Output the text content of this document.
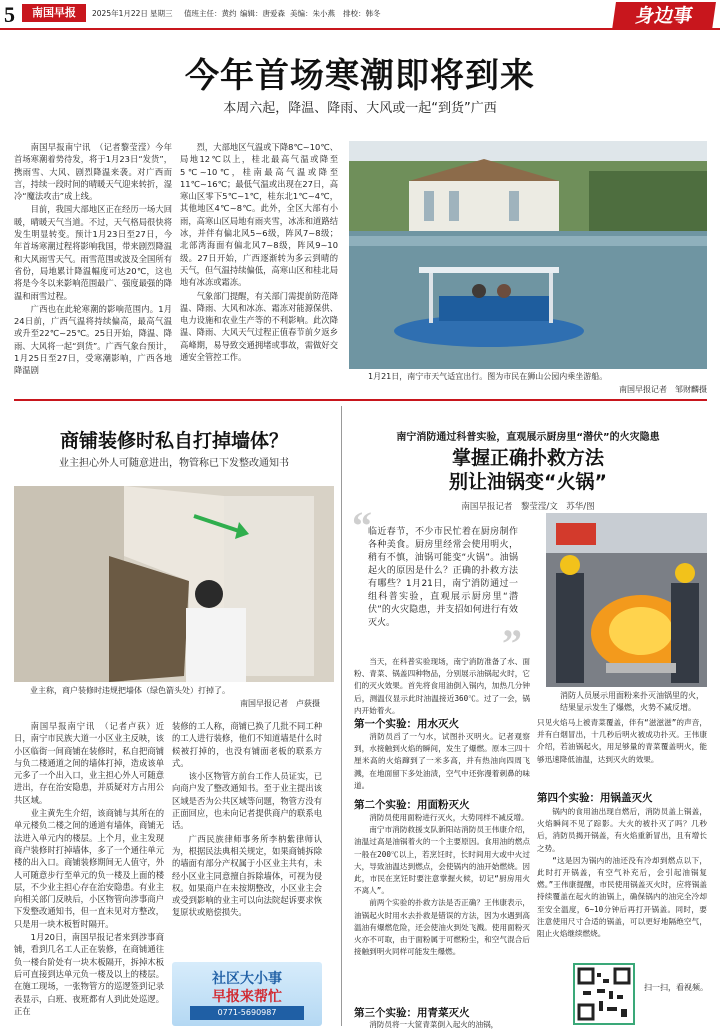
5	南国早报	2025年1月22日 星期三 值班主任：黄约 编辑：唐爱森 美编：朱小燕 排校：韩冬	身边事
今年首场寒潮即将到来
本周六起，降温、降雨、大风或一起“到货”广西

南国早报南宁讯　（记者黎莹滢）今年首场寒潮着势待发，将于1月23日“发货”，携雨雪、大风、剧烈降温来袭。对广西而言，持续一段时间的晴暖天气迎来转折，湿冷“魔法攻击”成上线。

目前，我国大部地区正在经历一场大回暖，晴暖天气当道。不过，天气格局很快将发生明显转变。预计1月23日至27日，今年首场寒潮过程将影响我国，带来剧烈降温和大风雨雪天气。雨雪范围或波及全国所有省份，局地累计降温幅度可达20℃，这也将是今冬以来影响范围最广、强度最强的降温和雨雪过程。

广西也在此轮寒潮的影响范围内。1月24日前，广西气温将持续偏高，最高气温或升至22℃~25℃。25日开始，降温、降雨、大风将一起“到货”。广西气象台预计，1月25日至27日，受寒潮影响，广西各地降温剧

烈，大部地区气温或下降8℃~10℃、局地12℃以上，桂北最高气温或降至5℃~10℃，桂南最高气温或降至11℃~16℃；最低气温或出现在27日，高寒山区零下5℃~1℃，桂东北1℃~4℃，其他地区4℃~8℃。此外，全区大部有小雨，高寒山区局地有雨夹雪，冰冻和道路结冰，并伴有偏北风5~6级，阵风7~8级；北部湾海面有偏北风7~8级，阵风9~10级。27日开始，广西逐渐转为多云到晴的天气，但气温持续偏低，高寒山区和桂北局地有冰冻或霜冻。

气象部门提醒，有关部门需提前防范降温、降雨、大风和冰冻、霜冻对能源保供、电力设施和农业生产等的不利影响。此次降温、降雨、大风天气过程正值春节前夕返乡高峰期，易导致交通拥堵或事故，需做好交通安全管控工作。

1月21日，南宁市天气适宜出行。图为市民在狮山公园内乘坐游船。
南国早报记者　邹财麟摄
商铺装修时私自打掉墙体？
业主担心外人可随意进出，物管称已下发整改通知书
业主称，商户装修时违规把墙体（绿色箭头处）打掉了。
南国早报记者　卢荻摄

南国早报南宁讯　（记者卢荻）近日，南宁市民族大道一小区业主反映，该小区临街一间商铺在装修时，私自把商铺与负二楼通道之间的墙体打掉，造成该单元多了一个出入口，业主担心外人可随意进出，存在治安隐患，并质疑对方占用公共区域。

业主黄先生介绍，该商铺与其所在的单元楼负二楼之间的通道有墙体，商铺无法进入单元内的楼层。上个月，业主发现商户装修时打掉墙体，多了一个通往单元楼的出入口。商铺装修期间无人值守，外人可随意步行至单元的负一楼及上面的楼层，不少业主担心存在治安隐患。有业主向相关部门反映后，小区物管向涉事商户下发整改通知书，但一直未见对方整改，只是用一块木板暂时隔开。

1月20日，南国早报记者来到涉事商铺，看到几名工人正在装修，在商铺通往负一楼台阶处有一块木板隔开，拆掉木板后可直接到达单元负一楼及以上的楼层。在施工现场，一张物管方的巡逻签到记录表显示，白班、夜班都有人到此处巡逻。正在

装修的工人称，商铺已换了几批不同工种的工人进行装修，他们不知道墙是什么时候被打掉的，也没有铺面老板的联系方式。

该小区物管方前台工作人员证实，已向商户发了整改通知书。至于业主提出该区域是否为公共区域等问题，物管方没有正面回应，也未向记者提供商户的联系电话。

广西民族律师事务所李枘紫律师认为，根据民法典相关规定，如果商铺拆除的墙面有部分产权属于小区业主共有，未经小区业主同意擅自拆除墙体，可视为侵权。如果商户在未按期整改，小区业主会或受到影响的业主可以向法院起诉要求恢复原状或赔偿损失。

社区大小事
早报来帮忙
0771-5690987
南宁消防通过科普实验，直观展示厨房里“潜伏”的火灾隐患
掌握正确扑救方法
别让油锅变“火锅”
南国早报记者　黎莹滢/文　苏华/图
“
临近春节，不少市民忙着在厨房制作各种美食。厨房里经常会使用明火，稍有不慎，油锅可能变“火锅”。油锅起火的原因是什么？正确的扑救方法有哪些？1月21日，南宁消防通过一组科普实验，直观展示厨房里“潜伏”的火灾隐患，并支招如何进行有效灭火。	”
消防人员展示用面粉来扑灭油锅里的火，结果显示发生了爆燃，火势不减反增。

当天，在科普实验现场，南宁消防准备了水、面粉、青菜、锅盖四种物品，分别展示油锅起火时，它们的灭火效果。首先将食用油倒入锅内，加热几分钟后，测温仪显示此时油温接近360℃。过了一会，锅内开始着火。

第一个实验：用水灭火

消防员舀了一勺水，试图扑灭明火。记者观察到，水接触到火焰的瞬间，发生了爆燃。原本三四十厘米高的火焰蹿到了一米多高，并有热油向四周飞溅，在地面留下多处油渍，空气中还弥漫着刺鼻的味道。

第二个实验：用面粉灭火

消防员使用面粉进行灭火，大势同样不减反增。

南宁市消防救援支队新阳站消防员王伟康介绍，油温过高是油锅着火的一个主要原因。食用油的燃点一般在200℃以上，若烹饪时，长时间用大或中火过大，导致油温达到燃点，会使锅内的油开始燃烧。因此，市民在烹饪时要注意掌握火候，切记“厨房用火不离人”。

前两个实验的扑救方法是否正确？王伟康表示，油锅起火时用水去扑救是错误的方法，因为水遇到高温油有爆燃危险，还会使油火到处飞溅。使用面粉灭火亦不可取，由于面粉属于可燃粉尘，和空气混合后接触到明火同样可能发生爆燃。

第三个实验：用青菜灭火

消防员将一大筐青菜倒入起火的油锅，

只见火焰马上被青菜覆盖，伴有“滋滋滋”的声音，并有白烟冒出，十几秒后明火被成功扑灭。王伟康介绍，若油锅起火，用足够量的青菜覆盖明火，能够迅速降低油温，达到灭火的效果。

第四个实验：用锅盖灭火

锅内的食用油出现自燃后，消防员盖上锅盖，火焰瞬间不见了踪影。大火的被扑灭了吗？几秒后，消防员揭开锅盖，有火焰重新冒出，且有增长之势。

“这是因为锅内的油还没有冷却到燃点以下，此时打开锅盖，有空气补充后，会引起油锅复燃。”王伟康提醒，市民使用锅盖灭火时，应将锅盖持续覆盖在起火的油锅上，确保锅内的油完全冷却至安全温度，6~10分钟后再打开锅盖。同时，要注意使用尺寸合适的锅盖，可以更好地隔绝空气，阻止火焰继续燃烧。

扫一扫，看视频。
